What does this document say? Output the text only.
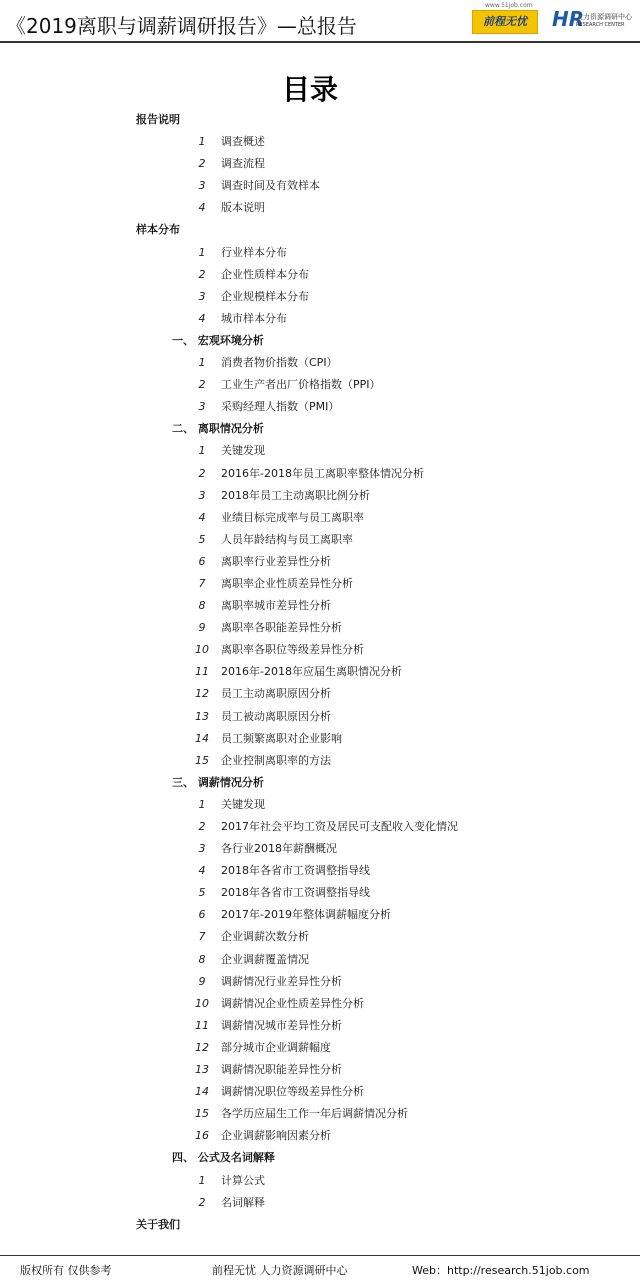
《2019离职与调薪调研报告》—总报告
www.51job.com
前程无忧	HR
人力资源调研中心
RESEARCH CENTER
目录
报告说明
1	调查概述
2	调查流程
3	调查时间及有效样本
4	版本说明
样本分布
1	行业样本分布
2	企业性质样本分布
3	企业规模样本分布
4	城市样本分布
一、 宏观环境分析
1	消费者物价指数（CPI）
2	工业生产者出厂价格指数（PPI）
3	采购经理人指数（PMI）
二、 离职情况分析
1	关键发现
2	2016年-2018年员工离职率整体情况分析
3	2018年员工主动离职比例分析
4	业绩目标完成率与员工离职率
5	人员年龄结构与员工离职率
6	离职率行业差异性分析
7	离职率企业性质差异性分析
8	离职率城市差异性分析
9	离职率各职能差异性分析
10 离职率各职位等级差异性分析
11 2016年-2018年应届生离职情况分析
12 员工主动离职原因分析
13 员工被动离职原因分析
14 员工频繁离职对企业影响
15 企业控制离职率的方法
三、 调薪情况分析
1	关键发现
2	2017年社会平均工资及居民可支配收入变化情况
3	各行业2018年薪酬概况
4	2018年各省市工资调整指导线
5	2018年各省市工资调整指导线
6	2017年-2019年整体调薪幅度分析
7	企业调薪次数分析
8	企业调薪覆盖情况
9	调薪情况行业差异性分析
10 调薪情况企业性质差异性分析
11 调薪情况城市差异性分析
12 部分城市企业调薪幅度
13 调薪情况职能差异性分析
14 调薪情况职位等级差异性分析
15 各学历应届生工作一年后调薪情况分析
16 企业调薪影响因素分析
四、 公式及名词解释
1	计算公式
2	名词解释
关于我们
版权所有 仅供参考	前程无忧 人力资源调研中心	Web：http://research.51job.com
